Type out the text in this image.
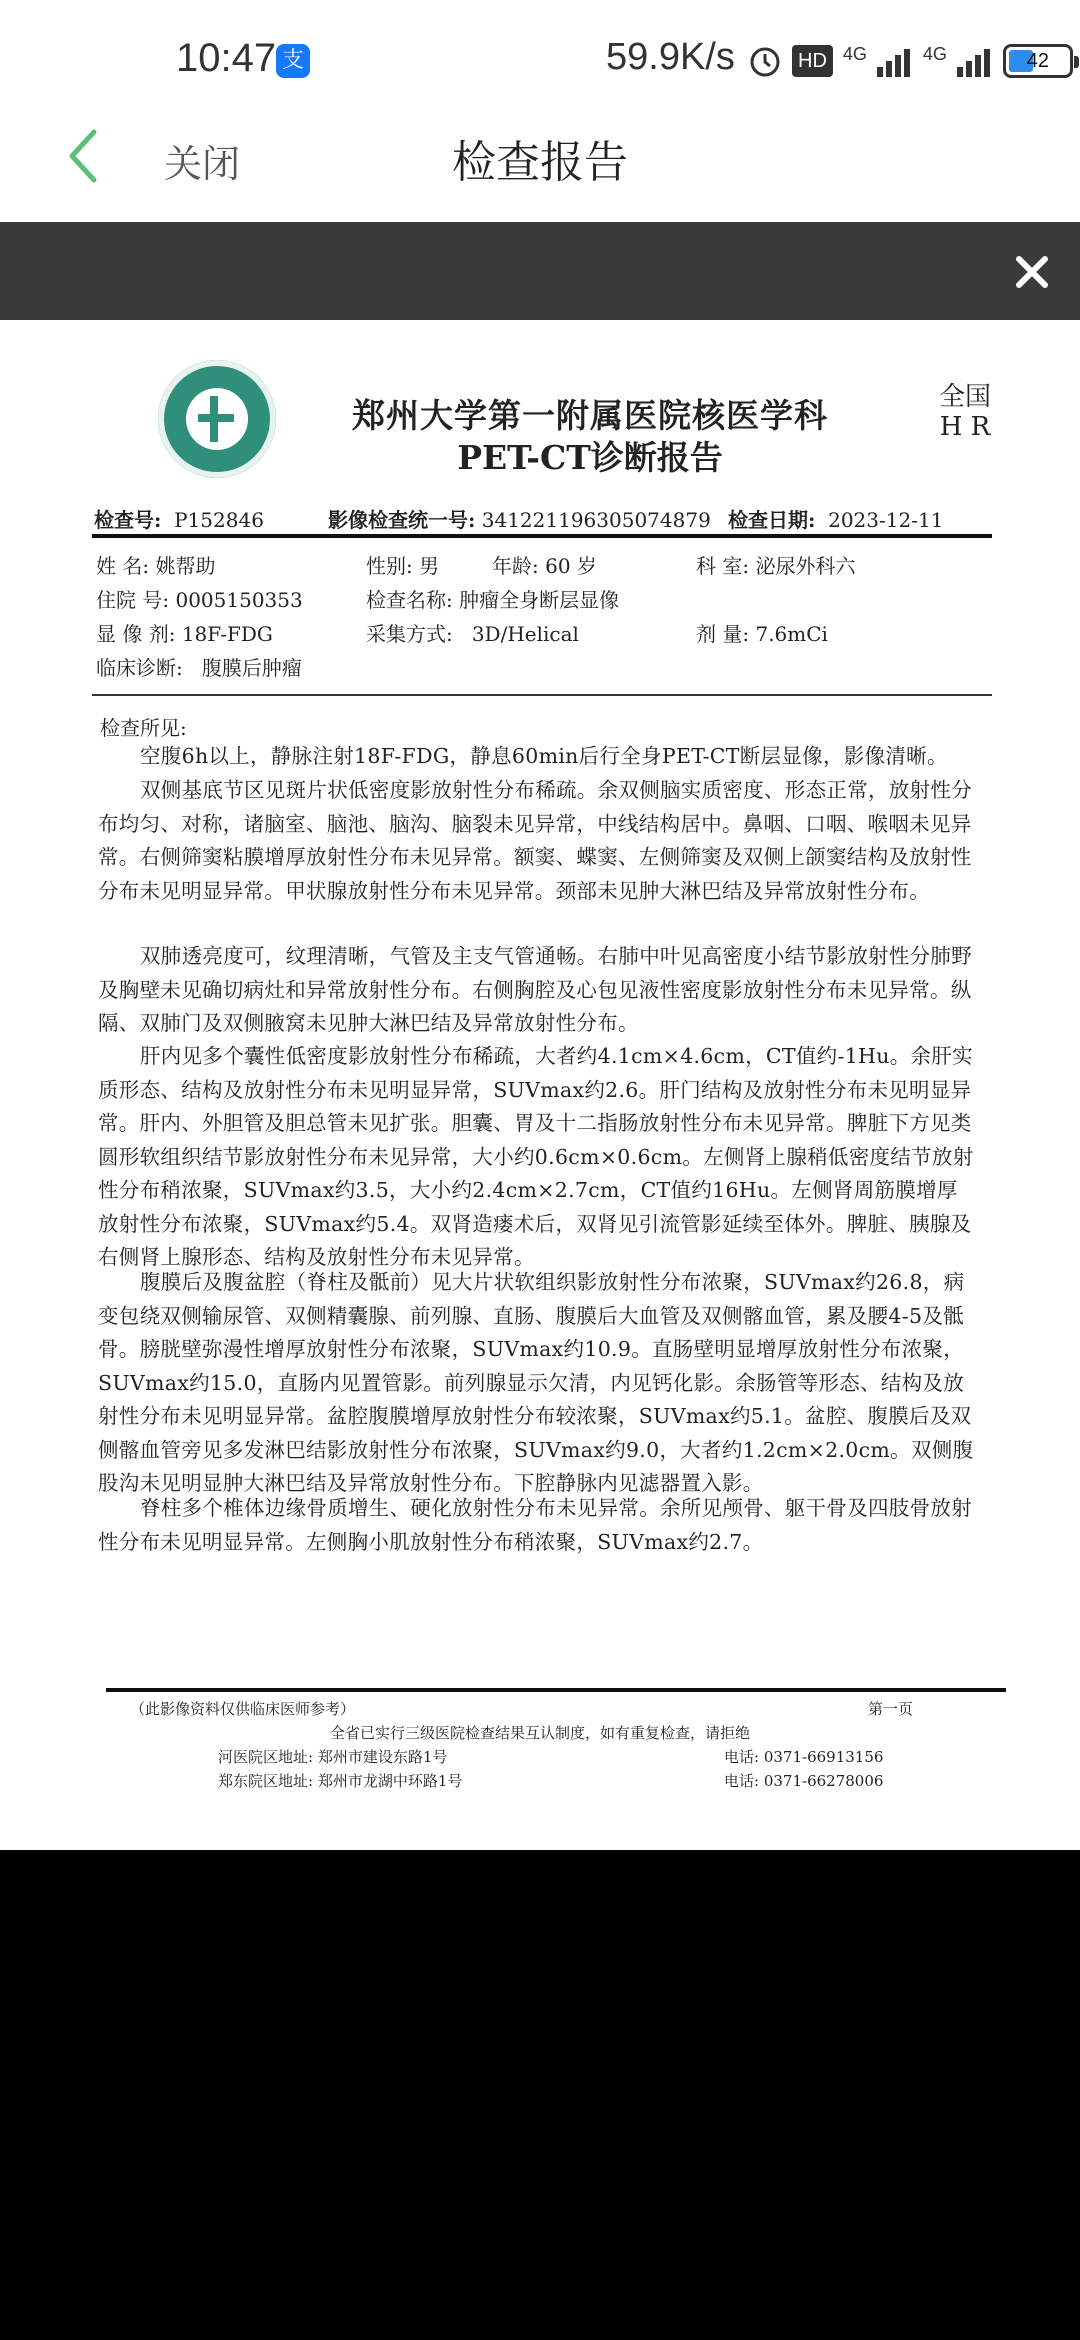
10:47 支	59.9K/s	HD 4G	4G	42
关闭	检查报告
郑州大学第一附属医院核医学科
PET-CT诊断报告
全国
H R
检查号: P152846	影像检查统一号: 341221196305074879 检查日期: 2023-12-11
姓 名: 姚帮助	性别: 男	年龄: 60 岁	科 室: 泌尿外科六
住院 号: 0005150353	检查名称: 肿瘤全身断层显像
显 像 剂: 18F-FDG	采集方式: 3D/Helical	剂 量: 7.6mCi
临床诊断: 腹膜后肿瘤
检查所见:
空腹6h以上，静脉注射18F-FDG，静息60min后行全身PET-CT断层显像，影像清晰。
双侧基底节区见斑片状低密度影放射性分布稀疏。余双侧脑实质密度、形态正常，放射性分布均匀、对称，诸脑室、脑池、脑沟、脑裂未见异常，中线结构居中。鼻咽、口咽、喉咽未见异常。右侧筛窦粘膜增厚放射性分布未见异常。额窦、蝶窦、左侧筛窦及双侧上颌窦结构及放射性分布未见明显异常。甲状腺放射性分布未见异常。颈部未见肿大淋巴结及异常放射性分布。
双肺透亮度可，纹理清晰，气管及主支气管通畅。右肺中叶见高密度小结节影放射性分肺野及胸壁未见确切病灶和异常放射性分布。右侧胸腔及心包见液性密度影放射性分布未见异常。纵隔、双肺门及双侧腋窝未见肿大淋巴结及异常放射性分布。
肝内见多个囊性低密度影放射性分布稀疏，大者约4.1cm×4.6cm，CT值约-1Hu。余肝实质形态、结构及放射性分布未见明显异常，SUVmax约2.6。肝门结构及放射性分布未见明显异常。肝内、外胆管及胆总管未见扩张。胆囊、胃及十二指肠放射性分布未见异常。脾脏下方见类圆形软组织结节影放射性分布未见异常，大小约0.6cm×0.6cm。左侧肾上腺稍低密度结节放射性分布稍浓聚，SUVmax约3.5，大小约2.4cm×2.7cm，CT值约16Hu。左侧肾周筋膜增厚放射性分布浓聚，SUVmax约5.4。双肾造瘘术后，双肾见引流管影延续至体外。脾脏、胰腺及右侧肾上腺形态、结构及放射性分布未见异常。
腹膜后及腹盆腔（脊柱及骶前）见大片状软组织影放射性分布浓聚，SUVmax约26.8，病变包绕双侧输尿管、双侧精囊腺、前列腺、直肠、腹膜后大血管及双侧髂血管，累及腰4-5及骶骨。膀胱壁弥漫性增厚放射性分布浓聚，SUVmax约10.9。直肠壁明显增厚放射性分布浓聚，SUVmax约15.0，直肠内见置管影。前列腺显示欠清，内见钙化影。余肠管等形态、结构及放射性分布未见明显异常。盆腔腹膜增厚放射性分布较浓聚，SUVmax约5.1。盆腔、腹膜后及双侧髂血管旁见多发淋巴结影放射性分布浓聚，SUVmax约9.0，大者约1.2cm×2.0cm。双侧腹股沟未见明显肿大淋巴结及异常放射性分布。下腔静脉内见滤器置入影。
脊柱多个椎体边缘骨质增生、硬化放射性分布未见异常。余所见颅骨、躯干骨及四肢骨放射性分布未见明显异常。左侧胸小肌放射性分布稍浓聚，SUVmax约2.7。
（此影像资料仅供临床医师参考）	第一页
全省已实行三级医院检查结果互认制度，如有重复检查，请拒绝
河医院区地址: 郑州市建设东路1号	电话: 0371-66913156
郑东院区地址: 郑州市龙湖中环路1号	电话: 0371-66278006
